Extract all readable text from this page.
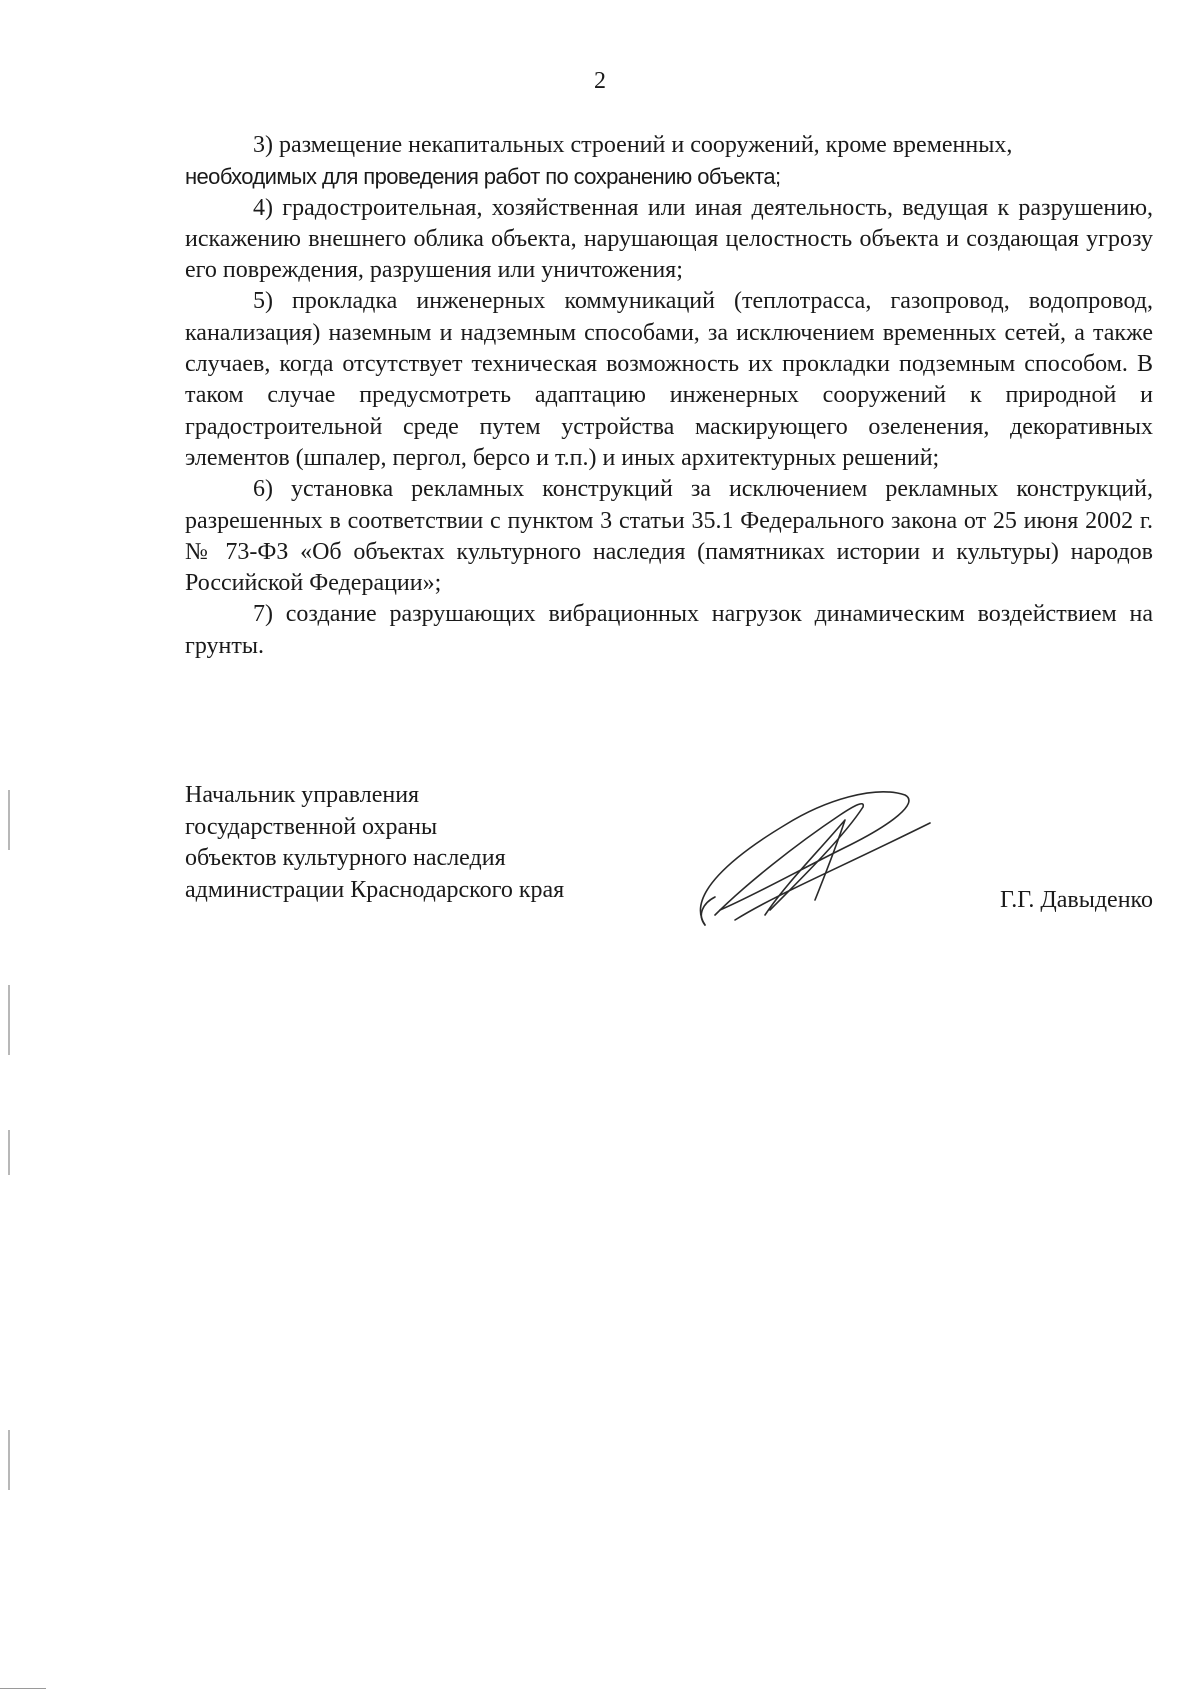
2

3) размещение некапитальных строений и сооружений, кроме временных,

необходимых для проведения работ по сохранению объекта;

4) градостроительная, хозяйственная или иная деятельность, ведущая к разрушению, искажению внешнего облика объекта, нарушающая целостность объекта и создающая угрозу его повреждения, разрушения или уничтожения;

5) прокладка инженерных коммуникаций (теплотрасса, газопровод, водопровод, канализация) наземным и надземным способами, за исключением временных сетей, а также случаев, когда отсутствует техническая возможность их прокладки подземным способом. В таком случае предусмотреть адаптацию инженерных сооружений к природной и градостроительной среде путем устройства маскирующего озеленения, декоративных элементов (шпалер, пергол, берсо и т.п.) и иных архитектурных решений;

6) установка рекламных конструкций за исключением рекламных конструкций, разрешенных в соответствии с пунктом 3 статьи 35.1 Федерального закона от 25 июня 2002 г. № 73-ФЗ «Об объектах культурного наследия (памятниках истории и культуры) народов Российской Федерации»;

7) создание разрушающих вибрационных нагрузок динамическим воздействием на грунты.

Начальник управления
государственной охраны
объектов культурного наследия
администрации Краснодарского края	Г.Г. Давыденко
